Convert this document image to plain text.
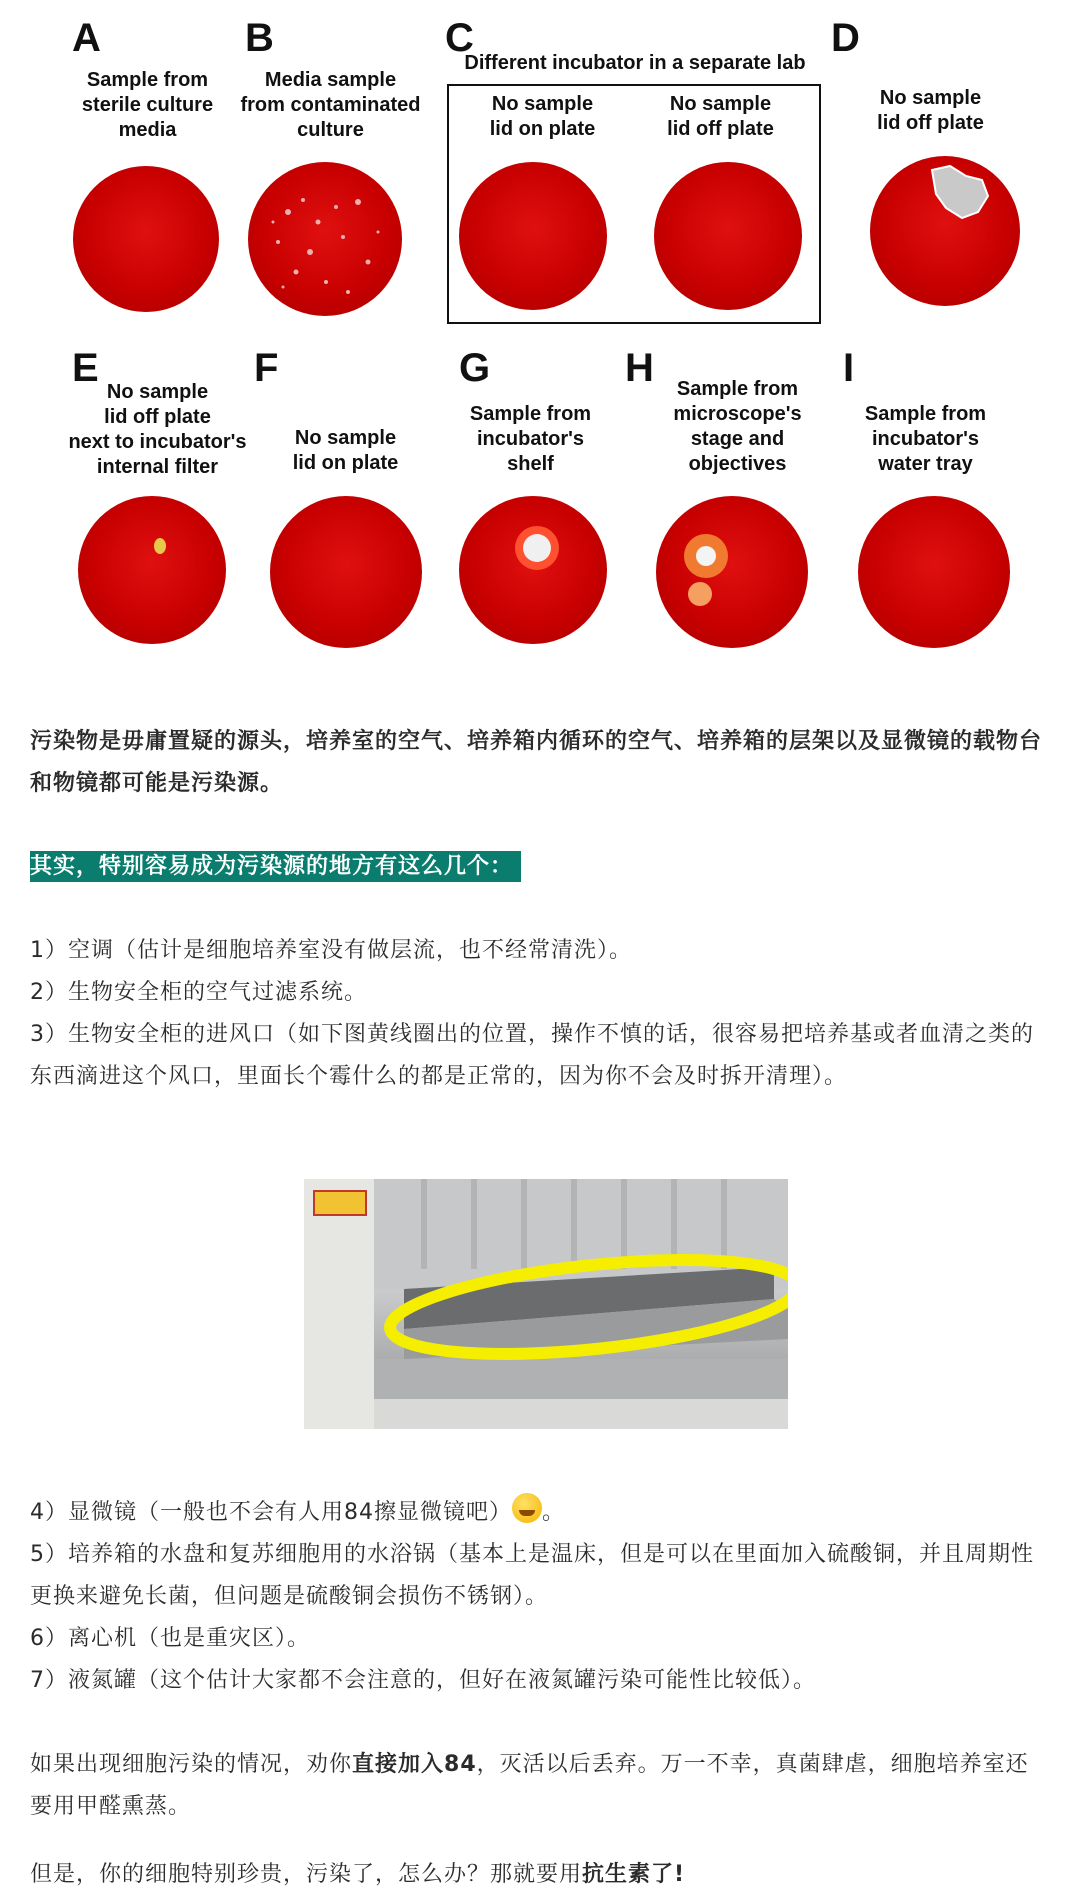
A	B	C	D
Sample from
sterile culture
media
Media sample
from contaminated
culture
Different incubator in a separate lab
No sample
lid on plate
No sample
lid off plate
No sample
lid off plate
E	F	G	H	I
No sample
lid off plate
next to incubator's
internal filter
No sample
lid on plate
Sample from
incubator's
shelf
Sample from
microscope's
stage and
objectives
Sample from
incubator's
water tray
污染物是毋庸置疑的源头，培养室的空气、培养箱内循环的空气、培养箱的层架以及显微镜的载物台和物镜都可能是污染源。
其实，特别容易成为污染源的地方有这么几个：
1）空调（估计是细胞培养室没有做层流，也不经常清洗）。
2）生物安全柜的空气过滤系统。
3）生物安全柜的进风口（如下图黄线圈出的位置，操作不慎的话，很容易把培养基或者血清之类的东西滴进这个风口，里面长个霉什么的都是正常的，因为你不会及时拆开清理）。
4）显微镜（一般也不会有人用84擦显微镜吧） 。
5）培养箱的水盘和复苏细胞用的水浴锅（基本上是温床，但是可以在里面加入硫酸铜，并且周期性更换来避免长菌，但问题是硫酸铜会损伤不锈钢）。
6）离心机（也是重灾区）。
7）液氮罐（这个估计大家都不会注意的，但好在液氮罐污染可能性比较低）。
如果出现细胞污染的情况，劝你直接加入84，灭活以后丢弃。万一不幸，真菌肆虐，细胞培养室还要用甲醛熏蒸。
但是，你的细胞特别珍贵，污染了，怎么办？那就要用抗生素了!
